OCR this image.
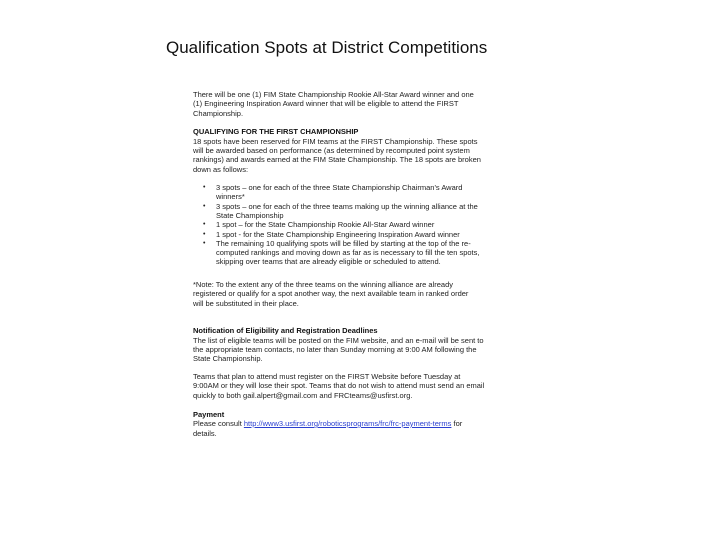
Qualification Spots at District Competitions
There will be one (1) FIM State Championship Rookie All-Star Award winner and one
(1) Engineering Inspiration Award winner that will be eligible to attend the FIRST
Championship.
QUALIFYING FOR THE FIRST CHAMPIONSHIP
18 spots have been reserved for FIM teams at the FIRST Championship. These spots
will be awarded based on performance (as determined by recomputed point system
rankings) and awards earned at the FIM State Championship. The 18 spots are broken
down as follows:
• 3 spots – one for each of the three State Championship Chairman's Award
winners*
• 3 spots – one for each of the three teams making up the winning alliance at the
State Championship
• 1 spot – for the State Championship Rookie All-Star Award winner
• 1 spot - for the State Championship Engineering Inspiration Award winner
• The remaining 10 qualifying spots will be filled by starting at the top of the re-
computed rankings and moving down as far as is necessary to fill the ten spots,
skipping over teams that are already eligible or scheduled to attend.
*Note: To the extent any of the three teams on the winning alliance are already
registered or qualify for a spot another way, the next available team in ranked order
will be substituted in their place.
Notification of Eligibility and Registration Deadlines
The list of eligible teams will be posted on the FIM website, and an e-mail will be sent to
the appropriate team contacts, no later than Sunday morning at 9:00 AM following the
State Championship.
Teams that plan to attend must register on the FIRST Website before Tuesday at
9:00AM or they will lose their spot. Teams that do not wish to attend must send an email
quickly to both gail.alpert@gmail.com and FRCteams@usfirst.org.
Payment
Please consult http://www3.usfirst.org/roboticsprograms/frc/frc-payment-terms for
details.
